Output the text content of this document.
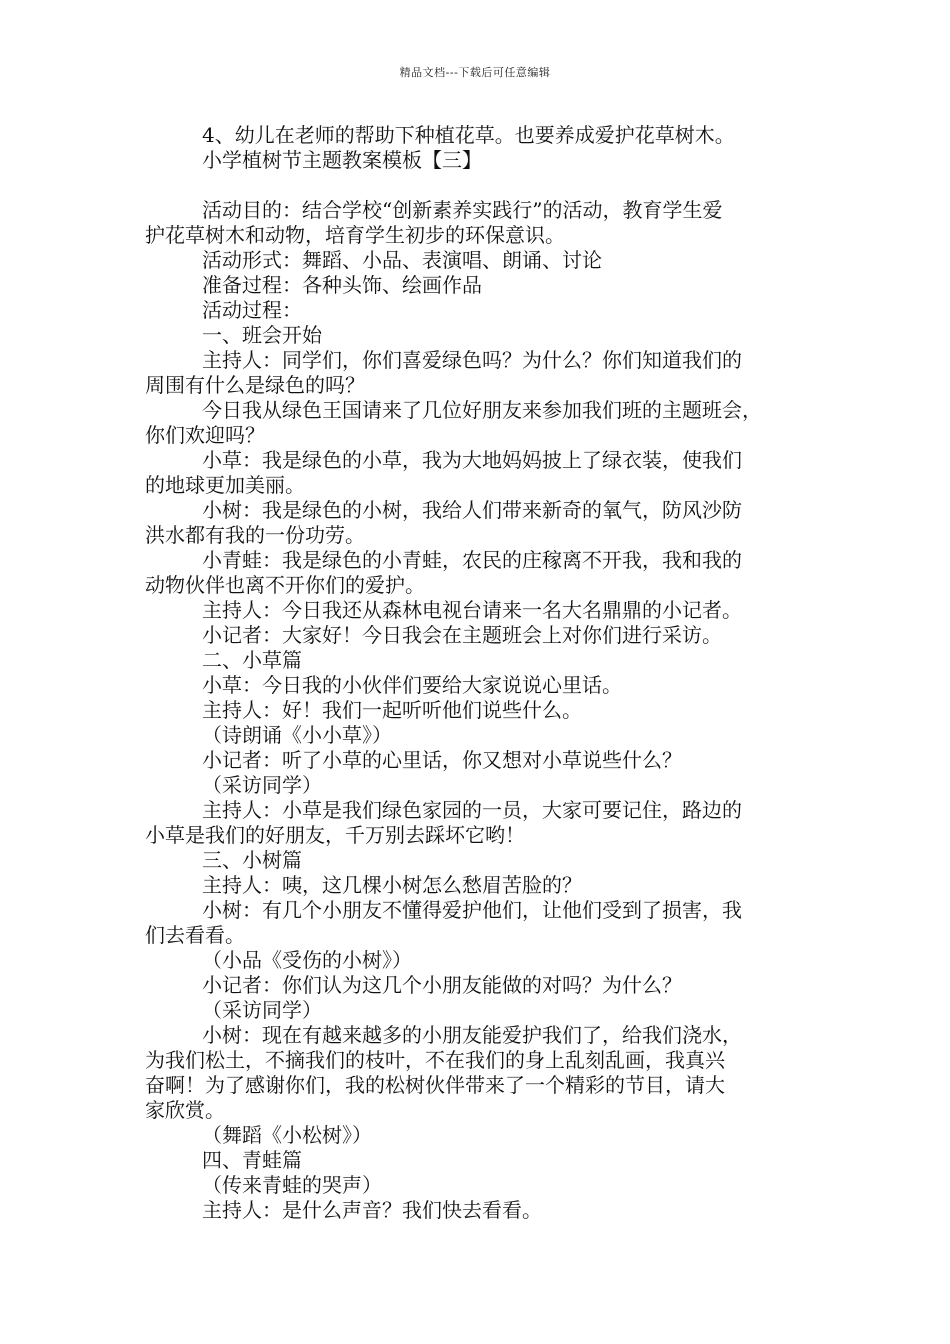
精品文档---下载后可任意编辑
4、幼儿在老师的帮助下种植花草。也要养成爱护花草树木。
小学植树节主题教案模板【三】
活动目的：结合学校“创新素养实践行”的活动，教育学生爱
护花草树木和动物，培育学生初步的环保意识。
活动形式：舞蹈、小品、表演唱、朗诵、讨论
准备过程：各种头饰、绘画作品
活动过程：
一、班会开始
主持人：同学们，你们喜爱绿色吗？为什么？你们知道我们的
周围有什么是绿色的吗？
今日我从绿色王国请来了几位好朋友来参加我们班的主题班会，
你们欢迎吗？
小草：我是绿色的小草，我为大地妈妈披上了绿衣装，使我们
的地球更加美丽。
小树：我是绿色的小树，我给人们带来新奇的氧气，防风沙防
洪水都有我的一份功劳。
小青蛙：我是绿色的小青蛙，农民的庄稼离不开我，我和我的
动物伙伴也离不开你们的爱护。
主持人：今日我还从森林电视台请来一名大名鼎鼎的小记者。
小记者：大家好！今日我会在主题班会上对你们进行采访。
二、小草篇
小草：今日我的小伙伴们要给大家说说心里话。
主持人：好！我们一起听听他们说些什么。
（诗朗诵《小小草》）
小记者：听了小草的心里话，你又想对小草说些什么？
（采访同学）
主持人：小草是我们绿色家园的一员，大家可要记住，路边的
小草是我们的好朋友，千万别去踩坏它哟！
三、小树篇
主持人：咦，这几棵小树怎么愁眉苦脸的？
小树：有几个小朋友不懂得爱护他们，让他们受到了损害，我
们去看看。
（小品《受伤的小树》）
小记者：你们认为这几个小朋友能做的对吗？为什么？
（采访同学）
小树：现在有越来越多的小朋友能爱护我们了，给我们浇水，
为我们松土，不摘我们的枝叶，不在我们的身上乱刻乱画，我真兴
奋啊！为了感谢你们，我的松树伙伴带来了一个精彩的节目，请大
家欣赏。
（舞蹈《小松树》）
四、青蛙篇
（传来青蛙的哭声）
主持人：是什么声音？我们快去看看。
